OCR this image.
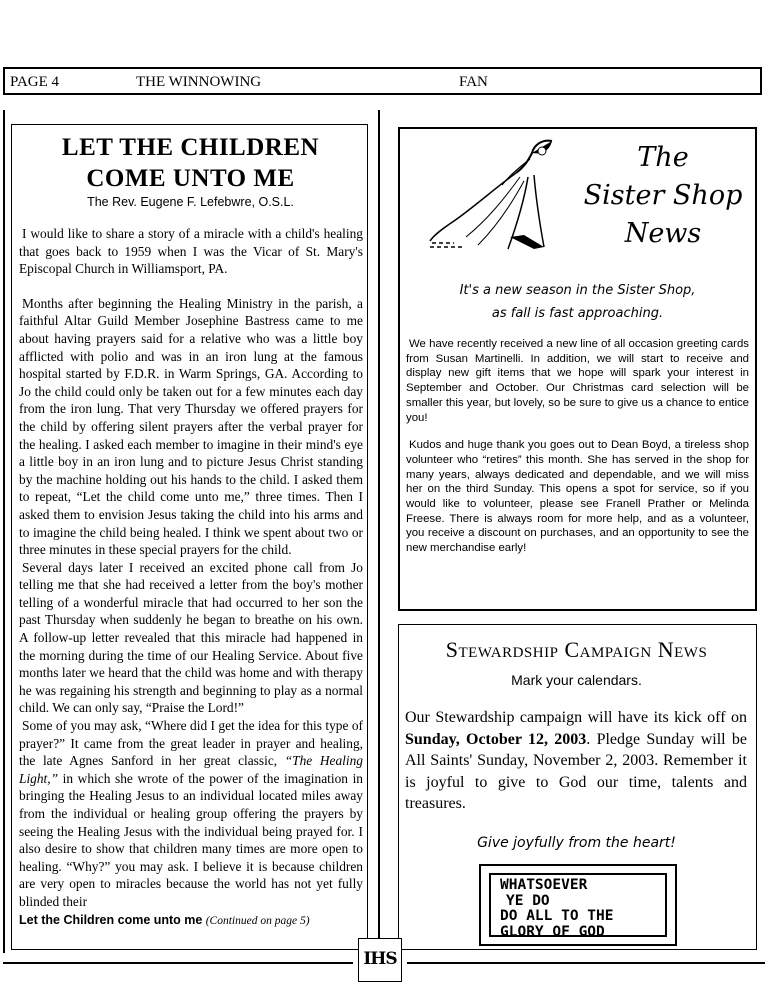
PAGE 4	THE WINNOWING	FAN
LET THE CHILDREN
COME UNTO ME
The Rev. Eugene F. Lefebwre, O.S.L.

I would like to share a story of a miracle with a child's healing that goes back to 1959 when I was the Vicar of St. Mary's Episcopal Church in Williamsport, PA.

Months after beginning the Healing Ministry in the parish, a faithful Altar Guild Member Josephine Bastress came to me about having prayers said for a relative who was a little boy afflicted with polio and was in an iron lung at the famous hospital started by F.D.R. in Warm Springs, GA. According to Jo the child could only be taken out for a few minutes each day from the iron lung. That very Thursday we offered prayers for the child by offering silent prayers after the verbal prayer for the healing. I asked each member to imagine in their mind's eye a little boy in an iron lung and to picture Jesus Christ standing by the machine holding out his hands to the child. I asked them to repeat, “Let the child come unto me,” three times. Then I asked them to envision Jesus taking the child into his arms and to imagine the child being healed. I think we spent about two or three minutes in these special prayers for the child.

Several days later I received an excited phone call from Jo telling me that she had received a letter from the boy's mother telling of a wonderful miracle that had occurred to her son the past Thursday when suddenly he began to breathe on his own. A follow-up letter revealed that this miracle had happened in the morning during the time of our Healing Service. About five months later we heard that the child was home and with therapy he was regaining his strength and beginning to play as a normal child. We can only say, “Praise the Lord!”

Some of you may ask, “Where did I get the idea for this type of prayer?” It came from the great leader in prayer and healing, the late Agnes Sanford in her great classic, “The Healing Light,” in which she wrote of the power of the imagination in bringing the Healing Jesus to an individual located miles away from the individual or healing group offering the prayers by seeing the Healing Jesus with the individual being prayed for. I also desire to show that children many times are more open to healing. “Why?” you may ask. I believe it is because children are very open to miracles because the world has not yet fully blinded their

Let the Children come unto me (Continued on page 5)

The
Sister Shop
News
It's a new season in the Sister Shop,
as fall is fast approaching.

We have recently received a new line of all occasion greeting cards from Susan Martinelli. In addition, we will start to receive and display new gift items that we hope will spark your interest in September and October. Our Christmas card selection will be smaller this year, but lovely, so be sure to give us a chance to entice you!

Kudos and huge thank you goes out to Dean Boyd, a tireless shop volunteer who “retires” this month. She has served in the shop for many years, always dedicated and dependable, and we will miss her on the third Sunday. This opens a spot for service, so if you would like to volunteer, please see Franell Prather or Melinda Freese. There is always room for more help, and as a volunteer, you receive a discount on purchases, and an opportunity to see the new merchandise early!

Stewardship Campaign News
Mark your calendars.
Our Stewardship campaign will have its kick off on Sunday, October 12, 2003. Pledge Sunday will be All Saints' Sunday, November 2, 2003. Remember it is joyful to give to God our time, talents and treasures.
Give joyfully from the heart!
WHATSOEVER
YE DO
DO ALL TO THE
GLORY OF GOD
IHS
